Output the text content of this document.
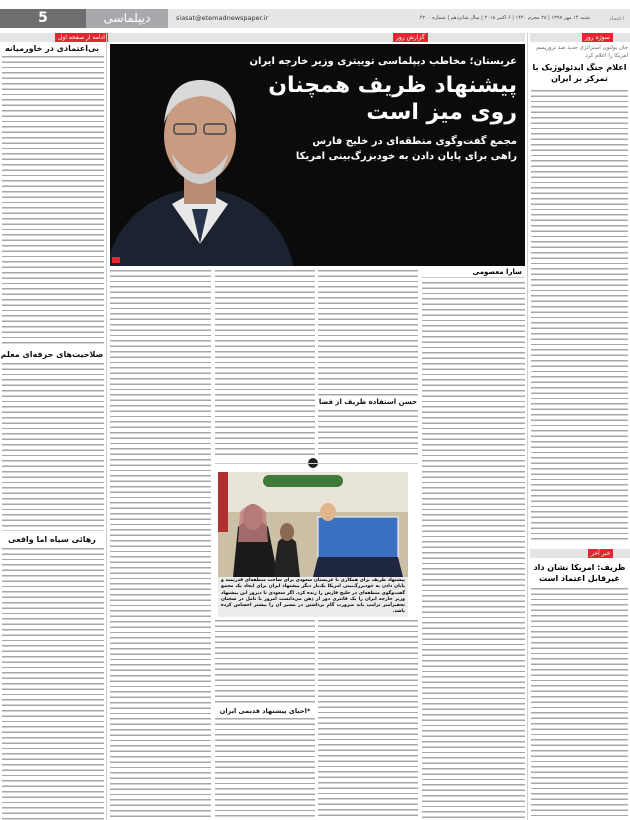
5	دیپلماسی	siasat@etemadnewspaper.ir	شنبه ۱۴ مهر ۱۳۹۷ | ۲۸ محرم ۱۴۴۰ | ۶ اکتبر ۲۰۱۸ | سال شانزدهم | شماره ۴۲۰۰	اعتماد
ادامه از صفحه اول	گزارش روز	سوژه روز
عربستان؛ مخاطب دیپلماسی توییتری وزیر خارجه ایران
پیشنهاد ظریف همچنان
روی میز است
مجمع گفت‌وگوی منطقه‌ای در خلیج فارس
راهی برای پایان دادن به خودبزرگ‌بینی امریکا
سارا معصومی
حسن استفاده ظریف از فضا
پیشنهاد ظریف برای همکاری با عربستان سعودی برای ساخت منطقه‌ای قدرتمند و پایان دادن به خودبزرگ‌بینی امریکا یک‌بار دیگر پیشنهاد ایران برای ایجاد یک مجمع گفت‌وگوی منطقه‌ای در خلیج فارس را زنده کرد. اگر سعودی تا دیروز این پیشنهاد وزیر خارجه ایران را یک فانتزی دور از ذهن می‌دانست امروز با تامل در سخنان تحقیرآمیز ترامپ باید ضرورت گام برداشتن در مسیر آن را بیشتر احساس کرده باشد.
*احیای پیشنهاد قدیمی ایران
بی‌اعتمادی در خاورمیانه
صلاحیت‌های حرفه‌ای معلم
رهائی سیاه اما واقعی
جان بولتون استراتژی جدید ضد تروریسم امریکا را اعلام کرد
اعلام جنگ ایدئولوژیک با تمرکز بر ایران
خبر آخر
ظریف: امریکا نشان داد
غیرقابل اعتماد است
